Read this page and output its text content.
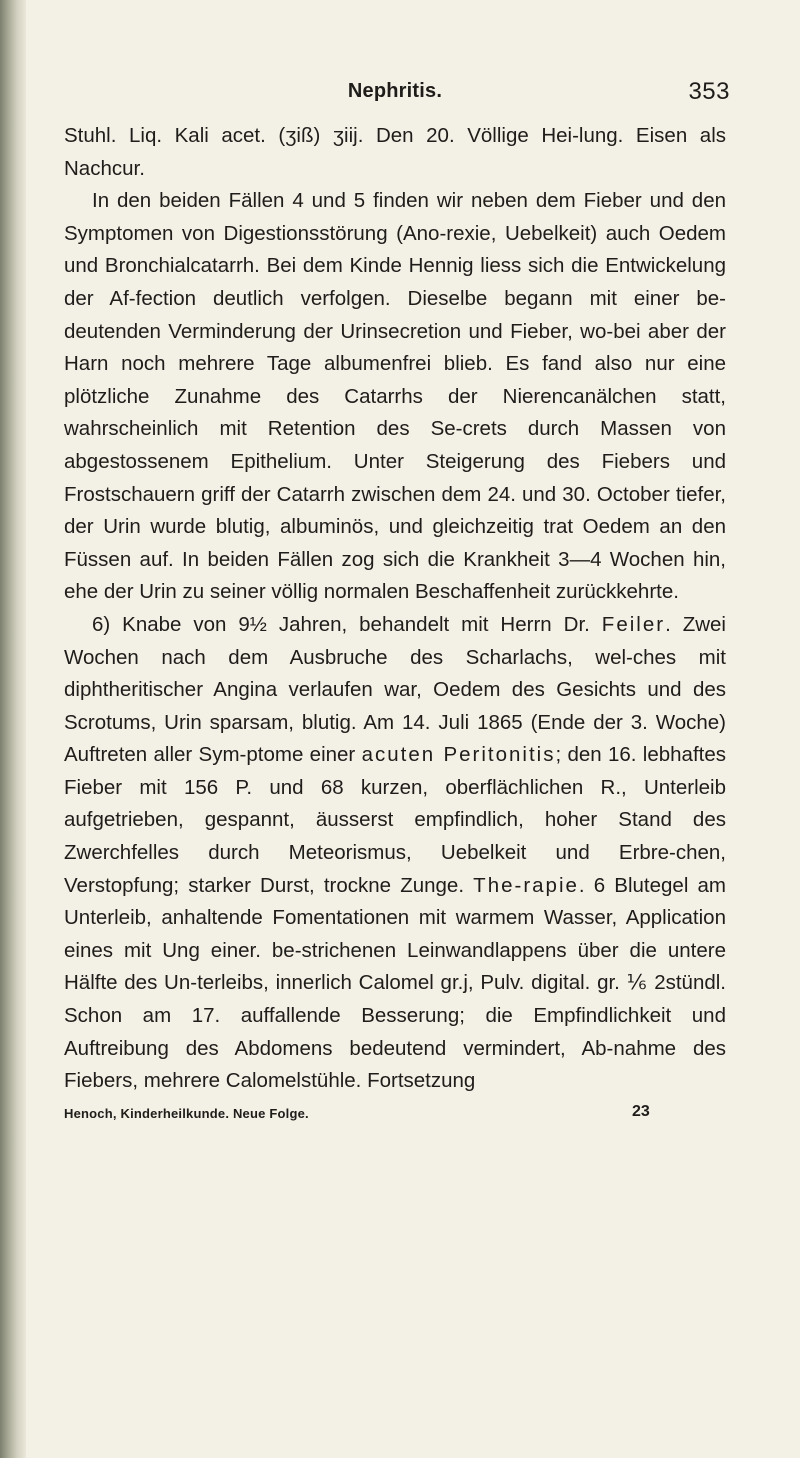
Nephritis.	353

Stuhl. Liq. Kali acet. (ʒiß) ʒiij. Den 20. Völlige Hei-lung. Eisen als Nachcur.

In den beiden Fällen 4 und 5 finden wir neben dem Fieber und den Symptomen von Digestionsstörung (Ano-rexie, Uebelkeit) auch Oedem und Bronchialcatarrh. Bei dem Kinde Hennig liess sich die Entwickelung der Af-fection deutlich verfolgen. Dieselbe begann mit einer be-deutenden Verminderung der Urinsecretion und Fieber, wo-bei aber der Harn noch mehrere Tage albumenfrei blieb. Es fand also nur eine plötzliche Zunahme des Catarrhs der Nierencanälchen statt, wahrscheinlich mit Retention des Se-crets durch Massen von abgestossenem Epithelium. Unter Steigerung des Fiebers und Frostschauern griff der Catarrh zwischen dem 24. und 30. October tiefer, der Urin wurde blutig, albuminös, und gleichzeitig trat Oedem an den Füssen auf. In beiden Fällen zog sich die Krankheit 3—4 Wochen hin, ehe der Urin zu seiner völlig normalen Beschaffenheit zurückkehrte.

6) Knabe von 9½ Jahren, behandelt mit Herrn Dr. Feiler. Zwei Wochen nach dem Ausbruche des Scharlachs, wel-ches mit diphtheritischer Angina verlaufen war, Oedem des Gesichts und des Scrotums, Urin sparsam, blutig. Am 14. Juli 1865 (Ende der 3. Woche) Auftreten aller Sym-ptome einer acuten Peritonitis; den 16. lebhaftes Fieber mit 156 P. und 68 kurzen, oberflächlichen R., Unterleib aufgetrieben, gespannt, äusserst empfindlich, hoher Stand des Zwerchfelles durch Meteorismus, Uebelkeit und Erbre-chen, Verstopfung; starker Durst, trockne Zunge. The-rapie. 6 Blutegel am Unterleib, anhaltende Fomentationen mit warmem Wasser, Application eines mit Ung einer. be-strichenen Leinwandlappens über die untere Hälfte des Un-terleibs, innerlich Calomel gr.j, Pulv. digital. gr. ⅙ 2stündl. Schon am 17. auffallende Besserung; die Empfindlichkeit und Auftreibung des Abdomens bedeutend vermindert, Ab-nahme des Fiebers, mehrere Calomelstühle. Fortsetzung

Henoch, Kinderheilkunde. Neue Folge.	23
